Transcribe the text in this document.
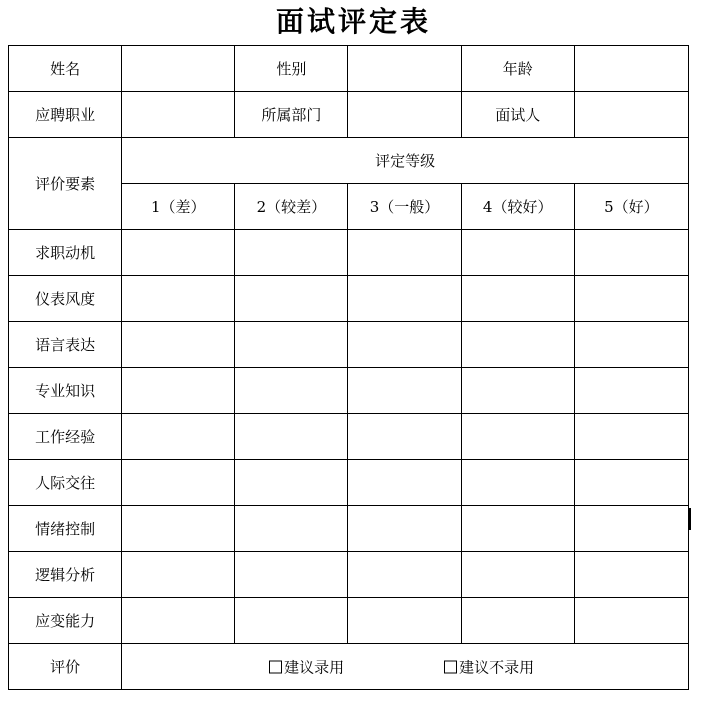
面试评定表
姓名		性别		年龄	
应聘职业		所属部门		面试人	
评价要素	评定等级				
	1（差）	2（较差）	3（一般）	4（较好）	5（好）
求职动机					
仪表风度					
语言表达					
专业知识					
工作经验					
人际交往					
情绪控制					
逻辑分析					
应变能力					
评价	建议录用 建议不录用				
